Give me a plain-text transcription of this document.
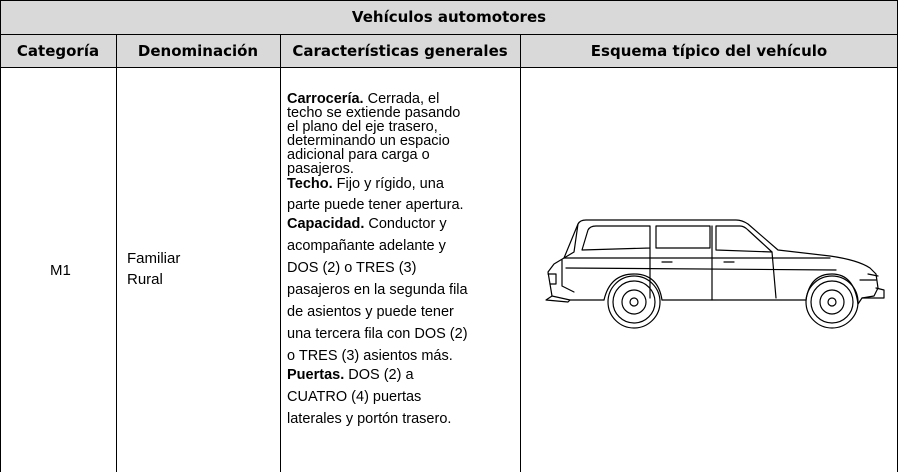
Vehículos automotores
Categoría	Denominación Características generales	Esquema típico del vehículo
M1
Familiar
Rural
Carrocería. Cerrada, el
techo se extiende pasando
el plano del eje trasero,
determinando un espacio
adicional para carga o
pasajeros.
Techo. Fijo y rígido, una
parte puede tener apertura.
Capacidad. Conductor y
acompañante adelante y
DOS (2) o TRES (3)
pasajeros en la segunda fila
de asientos y puede tener
una tercera fila con DOS (2)
o TRES (3) asientos más.
Puertas. DOS (2) a
CUATRO (4) puertas
laterales y portón trasero.
